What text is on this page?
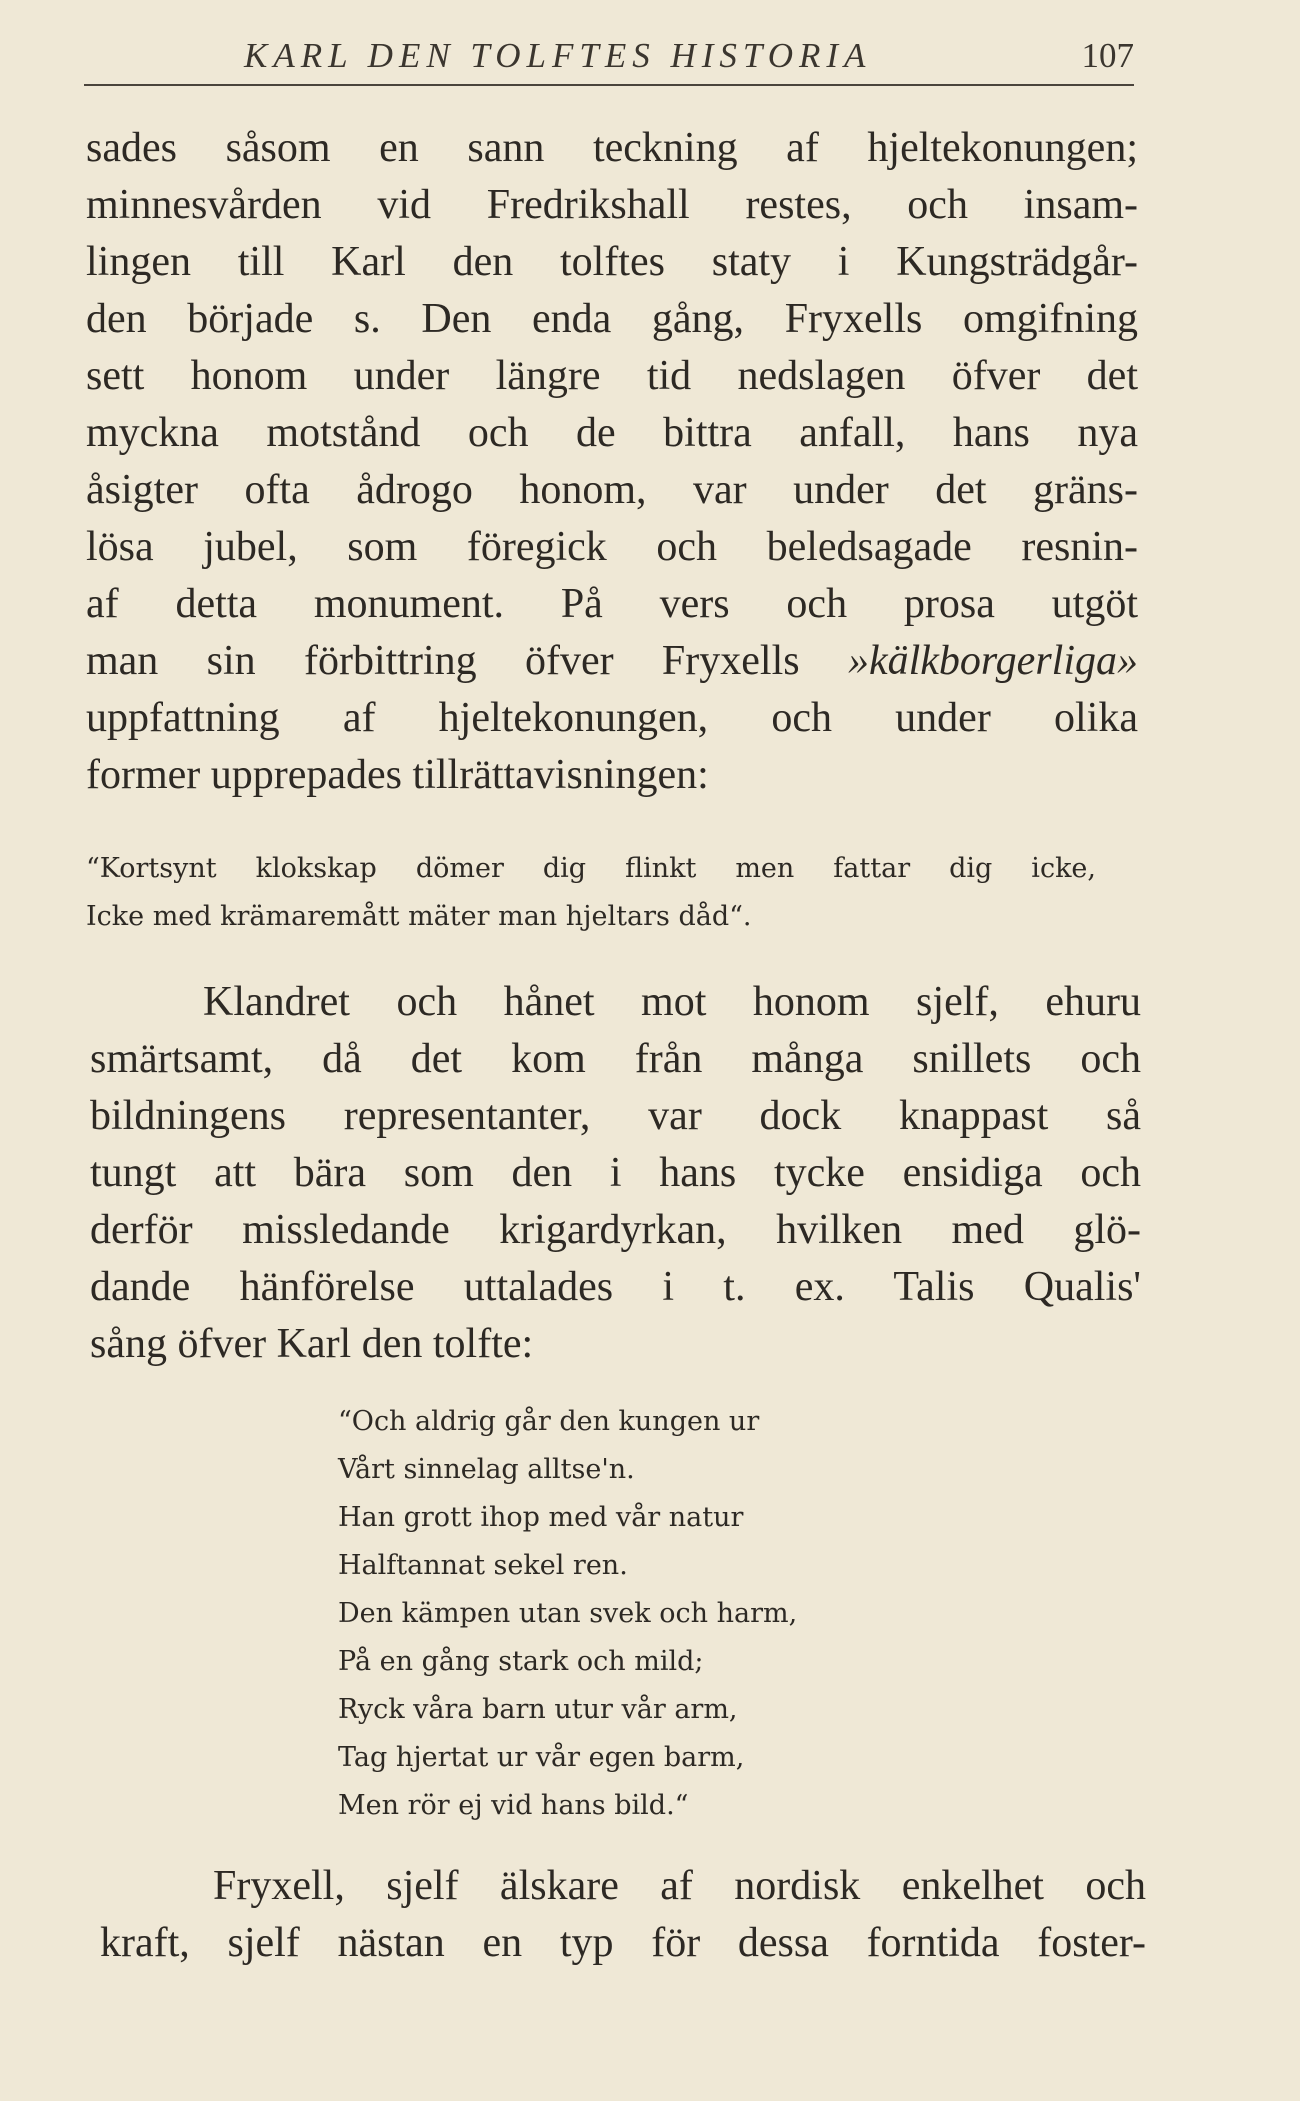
KARL DEN TOLFTES HISTORIA	107

sades såsom en sann teckning af hjeltekonungen;

minnesvården vid Fredrikshall restes, och insam-

lingen till Karl den tolftes staty i Kungsträdgår-

den började s. Den enda gång, Fryxells omgifning

sett honom under längre tid nedslagen öfver det

myckna motstånd och de bittra anfall, hans nya

åsigter ofta ådrogo honom, var under det gräns-

lösa jubel, som föregick och beledsagade resnin-

af detta monument. På vers och prosa utgöt

man sin förbittring öfver Fryxells »kälkborgerliga»

uppfattning af hjeltekonungen, och under olika

former upprepades tillrättavisningen:

“Kortsynt klokskap dömer dig flinkt men fattar dig icke,

Icke med krämaremått mäter man hjeltars dåd“.

Klandret och hånet mot honom sjelf, ehuru

smärtsamt, då det kom från många snillets och

bildningens representanter, var dock knappast så

tungt att bära som den i hans tycke ensidiga och

derför missledande krigardyrkan, hvilken med glö-

dande hänförelse uttalades i t. ex. Talis Qualis'

sång öfver Karl den tolfte:

“Och aldrig går den kungen ur

Vårt sinnelag alltse'n.

Han grott ihop med vår natur

Halftannat sekel ren.

Den kämpen utan svek och harm,

På en gång stark och mild;

Ryck våra barn utur vår arm,

Tag hjertat ur vår egen barm,

Men rör ej vid hans bild.“

Fryxell, sjelf älskare af nordisk enkelhet och

kraft, sjelf nästan en typ för dessa forntida foster-
